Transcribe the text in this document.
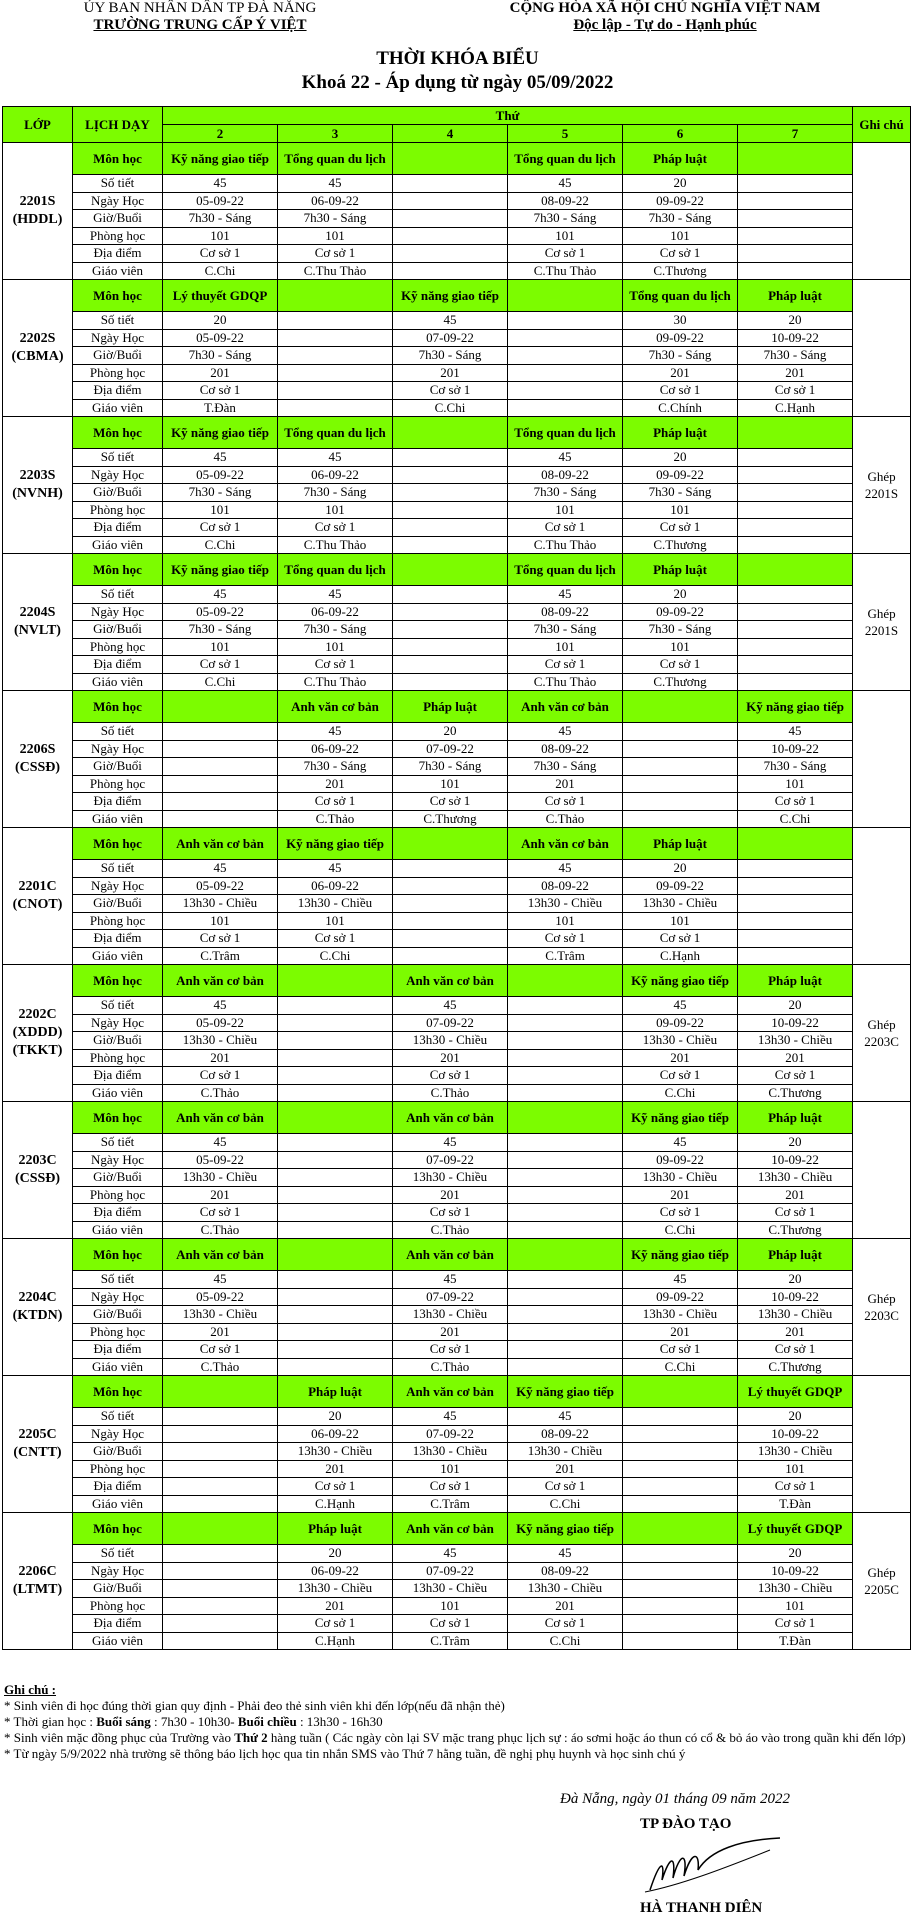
ỦY BAN NHÂN DÂN TP ĐÀ NẴNG
TRƯỜNG TRUNG CẤP Ý VIỆT
CỘNG HÒA XÃ HỘI CHỦ NGHĨA VIỆT NAM
Độc lập - Tự do - Hạnh phúc
THỜI KHÓA BIỂU
Khoá 22 - Áp dụng từ ngày 05/09/2022
LỚP	LỊCH DẠY	Thứ						Ghi chú
		2	3	4	5	6	7	
2201S
(HDDL)	Môn học	Kỹ năng giao tiếp	Tổng quan du lịch		Tổng quan du lịch	Pháp luật		
	Số tiết	45	45		45	20		
	Ngày Học	05-09-22	06-09-22		08-09-22	09-09-22		
	Giờ/Buổi	7h30 - Sáng	7h30 - Sáng		7h30 - Sáng	7h30 - Sáng		
	Phòng học	101	101		101	101		
	Địa điểm	Cơ sở 1	Cơ sở 1		Cơ sở 1	Cơ sở 1		
	Giáo viên	C.Chi	C.Thu Thảo		C.Thu Thảo	C.Thương		
2202S
(CBMA)	Môn học	Lý thuyết GDQP		Kỹ năng giao tiếp		Tổng quan du lịch	Pháp luật	
	Số tiết	20		45		30	20	
	Ngày Học	05-09-22		07-09-22		09-09-22	10-09-22	
	Giờ/Buổi	7h30 - Sáng		7h30 - Sáng		7h30 - Sáng	7h30 - Sáng	
	Phòng học	201		201		201	201	
	Địa điểm	Cơ sở 1		Cơ sở 1		Cơ sở 1	Cơ sở 1	
	Giáo viên	T.Đàn		C.Chi		C.Chính	C.Hạnh	
2203S
(NVNH)	Môn học	Kỹ năng giao tiếp	Tổng quan du lịch		Tổng quan du lịch	Pháp luật		Ghép
2201S
	Số tiết	45	45		45	20		
	Ngày Học	05-09-22	06-09-22		08-09-22	09-09-22		
	Giờ/Buổi	7h30 - Sáng	7h30 - Sáng		7h30 - Sáng	7h30 - Sáng		
	Phòng học	101	101		101	101		
	Địa điểm	Cơ sở 1	Cơ sở 1		Cơ sở 1	Cơ sở 1		
	Giáo viên	C.Chi	C.Thu Thảo		C.Thu Thảo	C.Thương		
2204S
(NVLT)	Môn học	Kỹ năng giao tiếp	Tổng quan du lịch		Tổng quan du lịch	Pháp luật		Ghép
2201S
	Số tiết	45	45		45	20		
	Ngày Học	05-09-22	06-09-22		08-09-22	09-09-22		
	Giờ/Buổi	7h30 - Sáng	7h30 - Sáng		7h30 - Sáng	7h30 - Sáng		
	Phòng học	101	101		101	101		
	Địa điểm	Cơ sở 1	Cơ sở 1		Cơ sở 1	Cơ sở 1		
	Giáo viên	C.Chi	C.Thu Thảo		C.Thu Thảo	C.Thương		
2206S
(CSSĐ)	Môn học		Anh văn cơ bản	Pháp luật	Anh văn cơ bản		Kỹ năng giao tiếp	
	Số tiết		45	20	45		45	
	Ngày Học		06-09-22	07-09-22	08-09-22		10-09-22	
	Giờ/Buổi		7h30 - Sáng	7h30 - Sáng	7h30 - Sáng		7h30 - Sáng	
	Phòng học		201	101	201		101	
	Địa điểm		Cơ sở 1	Cơ sở 1	Cơ sở 1		Cơ sở 1	
	Giáo viên		C.Thảo	C.Thương	C.Thảo		C.Chi	
2201C
(CNOT)	Môn học	Anh văn cơ bản	Kỹ năng giao tiếp		Anh văn cơ bản	Pháp luật		
	Số tiết	45	45		45	20		
	Ngày Học	05-09-22	06-09-22		08-09-22	09-09-22		
	Giờ/Buổi	13h30 - Chiều	13h30 - Chiều		13h30 - Chiều	13h30 - Chiều		
	Phòng học	101	101		101	101		
	Địa điểm	Cơ sở 1	Cơ sở 1		Cơ sở 1	Cơ sở 1		
	Giáo viên	C.Trâm	C.Chi		C.Trâm	C.Hạnh		
2202C
(XDDD)
(TKKT)	Môn học	Anh văn cơ bản		Anh văn cơ bản		Kỹ năng giao tiếp	Pháp luật	Ghép
2203C
	Số tiết	45		45		45	20	
	Ngày Học	05-09-22		07-09-22		09-09-22	10-09-22	
	Giờ/Buổi	13h30 - Chiều		13h30 - Chiều		13h30 - Chiều	13h30 - Chiều	
	Phòng học	201		201		201	201	
	Địa điểm	Cơ sở 1		Cơ sở 1		Cơ sở 1	Cơ sở 1	
	Giáo viên	C.Thảo		C.Thảo		C.Chi	C.Thương	
2203C
(CSSĐ)	Môn học	Anh văn cơ bản		Anh văn cơ bản		Kỹ năng giao tiếp	Pháp luật	
	Số tiết	45		45		45	20	
	Ngày Học	05-09-22		07-09-22		09-09-22	10-09-22	
	Giờ/Buổi	13h30 - Chiều		13h30 - Chiều		13h30 - Chiều	13h30 - Chiều	
	Phòng học	201		201		201	201	
	Địa điểm	Cơ sở 1		Cơ sở 1		Cơ sở 1	Cơ sở 1	
	Giáo viên	C.Thảo		C.Thảo		C.Chi	C.Thương	
2204C
(KTDN)	Môn học	Anh văn cơ bản		Anh văn cơ bản		Kỹ năng giao tiếp	Pháp luật	Ghép
2203C
	Số tiết	45		45		45	20	
	Ngày Học	05-09-22		07-09-22		09-09-22	10-09-22	
	Giờ/Buổi	13h30 - Chiều		13h30 - Chiều		13h30 - Chiều	13h30 - Chiều	
	Phòng học	201		201		201	201	
	Địa điểm	Cơ sở 1		Cơ sở 1		Cơ sở 1	Cơ sở 1	
	Giáo viên	C.Thảo		C.Thảo		C.Chi	C.Thương	
2205C
(CNTT)	Môn học		Pháp luật	Anh văn cơ bản	Kỹ năng giao tiếp		Lý thuyết GDQP	
	Số tiết		20	45	45		20	
	Ngày Học		06-09-22	07-09-22	08-09-22		10-09-22	
	Giờ/Buổi		13h30 - Chiều	13h30 - Chiều	13h30 - Chiều		13h30 - Chiều	
	Phòng học		201	101	201		101	
	Địa điểm		Cơ sở 1	Cơ sở 1	Cơ sở 1		Cơ sở 1	
	Giáo viên		C.Hạnh	C.Trâm	C.Chi		T.Đàn	
2206C
(LTMT)	Môn học		Pháp luật	Anh văn cơ bản	Kỹ năng giao tiếp		Lý thuyết GDQP	Ghép
2205C
	Số tiết		20	45	45		20	
	Ngày Học		06-09-22	07-09-22	08-09-22		10-09-22	
	Giờ/Buổi		13h30 - Chiều	13h30 - Chiều	13h30 - Chiều		13h30 - Chiều	
	Phòng học		201	101	201		101	
	Địa điểm		Cơ sở 1	Cơ sở 1	Cơ sở 1		Cơ sở 1	
	Giáo viên		C.Hạnh	C.Trâm	C.Chi		T.Đàn	
Ghi chú :
* Sinh viên đi học đúng thời gian quy định - Phải đeo thẻ sinh viên khi đến lớp(nếu đã nhận thẻ)
* Thời gian học : Buổi sáng : 7h30 - 10h30- Buổi chiều : 13h30 - 16h30
* Sinh viên mặc đồng phục của Trường vào Thứ 2 hàng tuần ( Các ngày còn lại SV mặc trang phục lịch sự : áo sơmi hoặc áo thun có cổ & bỏ áo vào trong quần khi đến lớp)
* Từ ngày 5/9/2022 nhà trường sẽ thông báo lịch học qua tin nhắn SMS vào Thứ 7 hằng tuần, đề nghị phụ huynh và học sinh chú ý
Đà Nẵng, ngày 01 tháng 09 năm 2022
TP ĐÀO TẠO
HÀ THANH DIÊN
